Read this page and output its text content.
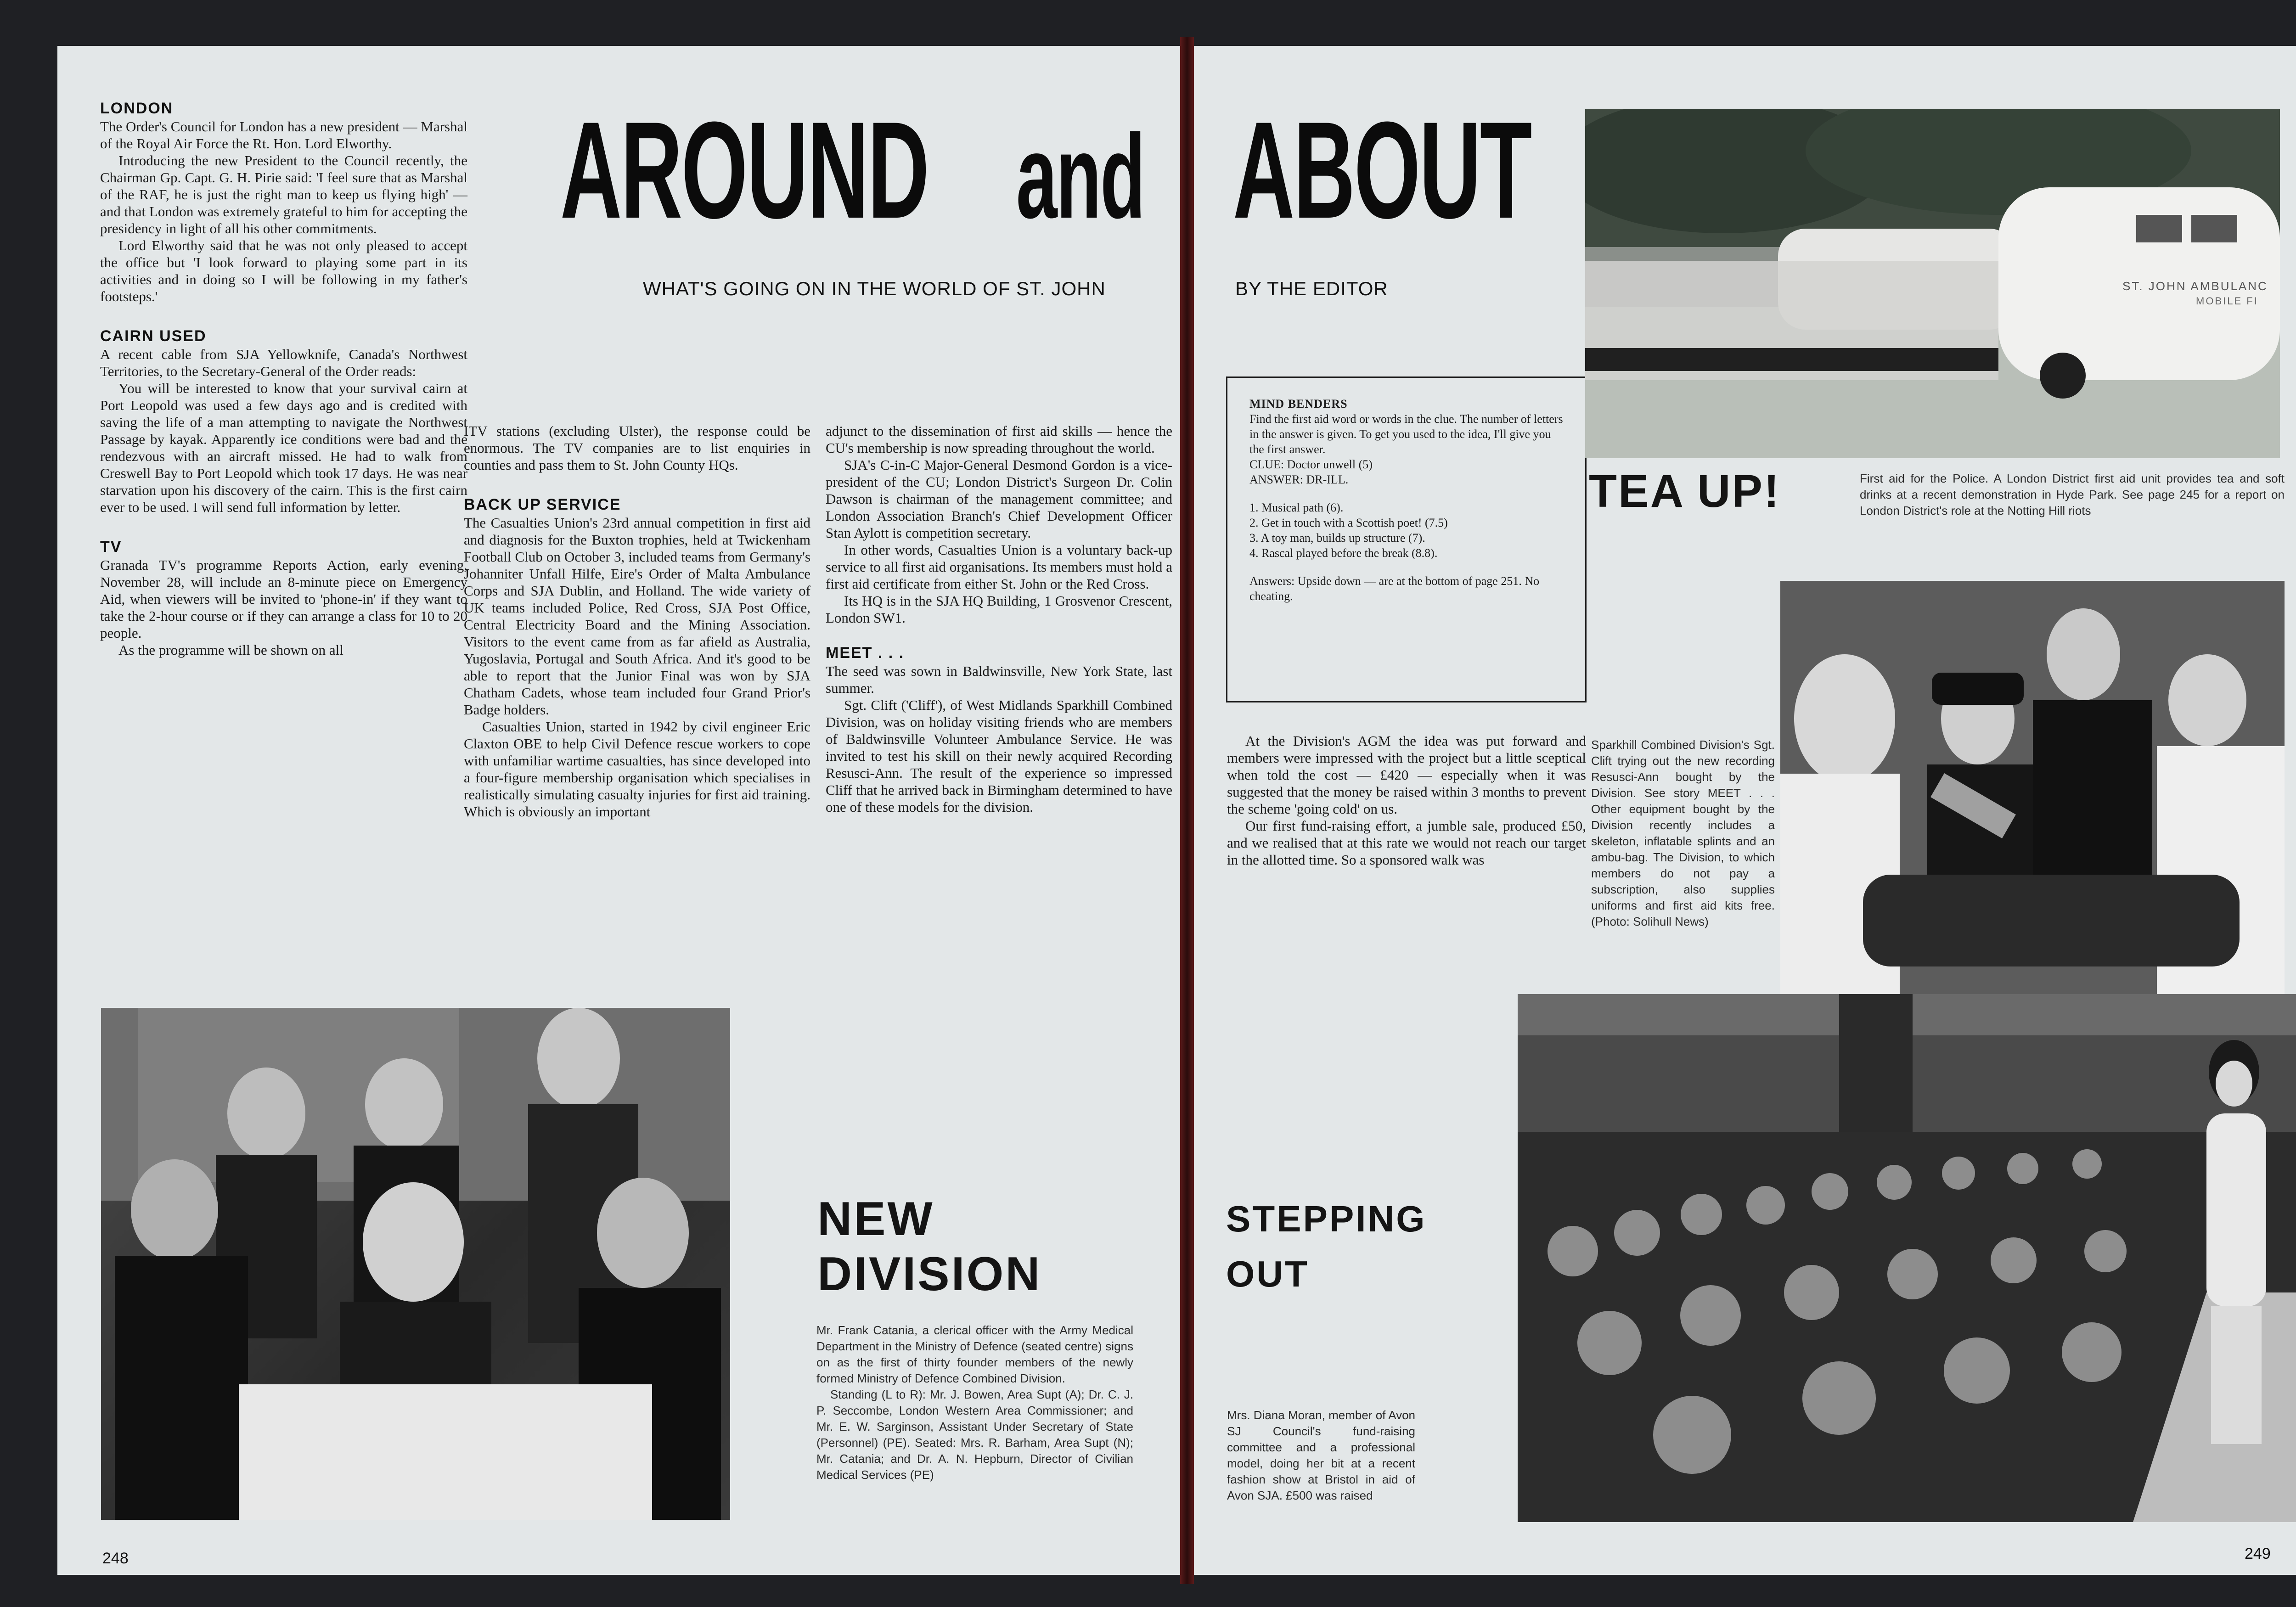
LONDON

The Order's Council for London has a new president — Marshal of the Royal Air Force the Rt. Hon. Lord Elworthy.

Introducing the new President to the Council recently, the Chairman Gp. Capt. G. H. Pirie said: 'I feel sure that as Marshal of the RAF, he is just the right man to keep us flying high' — and that London was extremely grateful to him for accepting the presidency in light of all his other commitments.

Lord Elworthy said that he was not only pleased to accept the office but 'I look forward to playing some part in its activities and in doing so I will be following in my father's footsteps.'

CAIRN USED

A recent cable from SJA Yellowknife, Canada's Northwest Territories, to the Secretary-General of the Order reads:

You will be interested to know that your survival cairn at Port Leopold was used a few days ago and is credited with saving the life of a man attempting to navigate the Northwest Passage by kayak. Apparently ice conditions were bad and the rendezvous with an aircraft missed. He had to walk from Creswell Bay to Port Leopold which took 17 days. He was near starvation upon his discovery of the cairn. This is the first cairn ever to be used. I will send full information by letter.

TV

Granada TV's programme Reports Action, early evening, November 28, will include an 8-minute piece on Emergency Aid, when viewers will be invited to 'phone-in' if they want to take the 2-hour course or if they can arrange a class for 10 to 20 people.

As the programme will be shown on all

AROUND and
WHAT'S GOING ON IN THE WORLD OF ST. JOHN

ITV stations (excluding Ulster), the response could be enormous. The TV companies are to list enquiries in counties and pass them to St. John County HQs.

BACK UP SERVICE

The Casualties Union's 23rd annual competition in first aid and diagnosis for the Buxton trophies, held at Twickenham Football Club on October 3, included teams from Germany's Johanniter Unfall Hilfe, Eire's Order of Malta Ambulance Corps and SJA Dublin, and Holland. The wide variety of UK teams included Police, Red Cross, SJA Post Office, Central Electricity Board and the Mining Association. Visitors to the event came from as far afield as Australia, Yugoslavia, Portugal and South Africa. And it's good to be able to report that the Junior Final was won by SJA Chatham Cadets, whose team included four Grand Prior's Badge holders.

Casualties Union, started in 1942 by civil engineer Eric Claxton OBE to help Civil Defence rescue workers to cope with unfamiliar wartime casualties, has since developed into a four-figure membership organisation which specialises in realistically simulating casualty injuries for first aid training. Which is obviously an important

adjunct to the dissemination of first aid skills — hence the CU's membership is now spreading throughout the world.

SJA's C-in-C Major-General Desmond Gordon is a vice-president of the CU; London District's Surgeon Dr. Colin Dawson is chairman of the management committee; and London Association Branch's Chief Development Officer Stan Aylott is competition secretary.

In other words, Casualties Union is a voluntary back-up service to all first aid organisations. Its members must hold a first aid certificate from either St. John or the Red Cross.

Its HQ is in the SJA HQ Building, 1 Grosvenor Crescent, London SW1.

MEET . . .

The seed was sown in Baldwinsville, New York State, last summer.

Sgt. Clift ('Cliff'), of West Midlands Sparkhill Combined Division, was on holiday visiting friends who are members of Baldwinsville Volunteer Ambulance Service. He was invited to test his skill on their newly acquired Recording Resusci-Ann. The result of the experience so impressed Cliff that he arrived back in Birmingham determined to have one of these models for the division.

NEW
DIVISION

Mr. Frank Catania, a clerical officer with the Army Medical Department in the Ministry of Defence (seated centre) signs on as the first of thirty founder members of the newly formed Ministry of Defence Combined Division.

Standing (L to R): Mr. J. Bowen, Area Supt (A); Dr. C. J. P. Seccombe, London Western Area Commissioner; and Mr. E. W. Sarginson, Assistant Under Secretary of State (Personnel) (PE). Seated: Mrs. R. Barham, Area Supt (N); Mr. Catania; and Dr. A. N. Hepburn, Director of Civilian Medical Services (PE)

248
ABOUT
BY THE EDITOR

MIND BENDERS

Find the first aid word or words in the clue. The number of letters in the answer is given. To get you used to the idea, I'll give you the first answer.

CLUE: Doctor unwell (5)

ANSWER: DR-ILL.

1. Musical path (6).
2. Get in touch with a Scottish poet! (7.5)
3. A toy man, builds up structure (7).
4. Rascal played before the break (8.8).

Answers: Upside down — are at the bottom of page 251. No cheating.

At the Division's AGM the idea was put forward and members were impressed with the project but a little sceptical when told the cost — £420 — especially when it was suggested that the money be raised within 3 months to prevent the scheme 'going cold' on us.

Our first fund-raising effort, a jumble sale, produced £50, and we realised that at this rate we would not reach our target in the allotted time. So a sponsored walk was

ST. JOHN AMBULANC
MOBILE FI
TEA UP!	First aid for the Police. A London District first aid unit provides tea and soft drinks at a recent demonstration in Hyde Park. See page 245 for a report on London District's role at the Notting Hill riots

Sparkhill Combined Division's Sgt. Clift trying out the new recording Resusci-Ann bought by the Division. See story MEET . . . Other equipment bought by the Division recently includes a skeleton, inflatable splints and an ambu-bag. The Division, to which members do not pay a subscription, also supplies uniforms and first aid kits free. (Photo: Solihull News)

STEPPING
OUT

Mrs. Diana Moran, member of Avon SJ Council's fund-raising committee and a professional model, doing her bit at a recent fashion show at Bristol in aid of Avon SJA. £500 was raised

249
